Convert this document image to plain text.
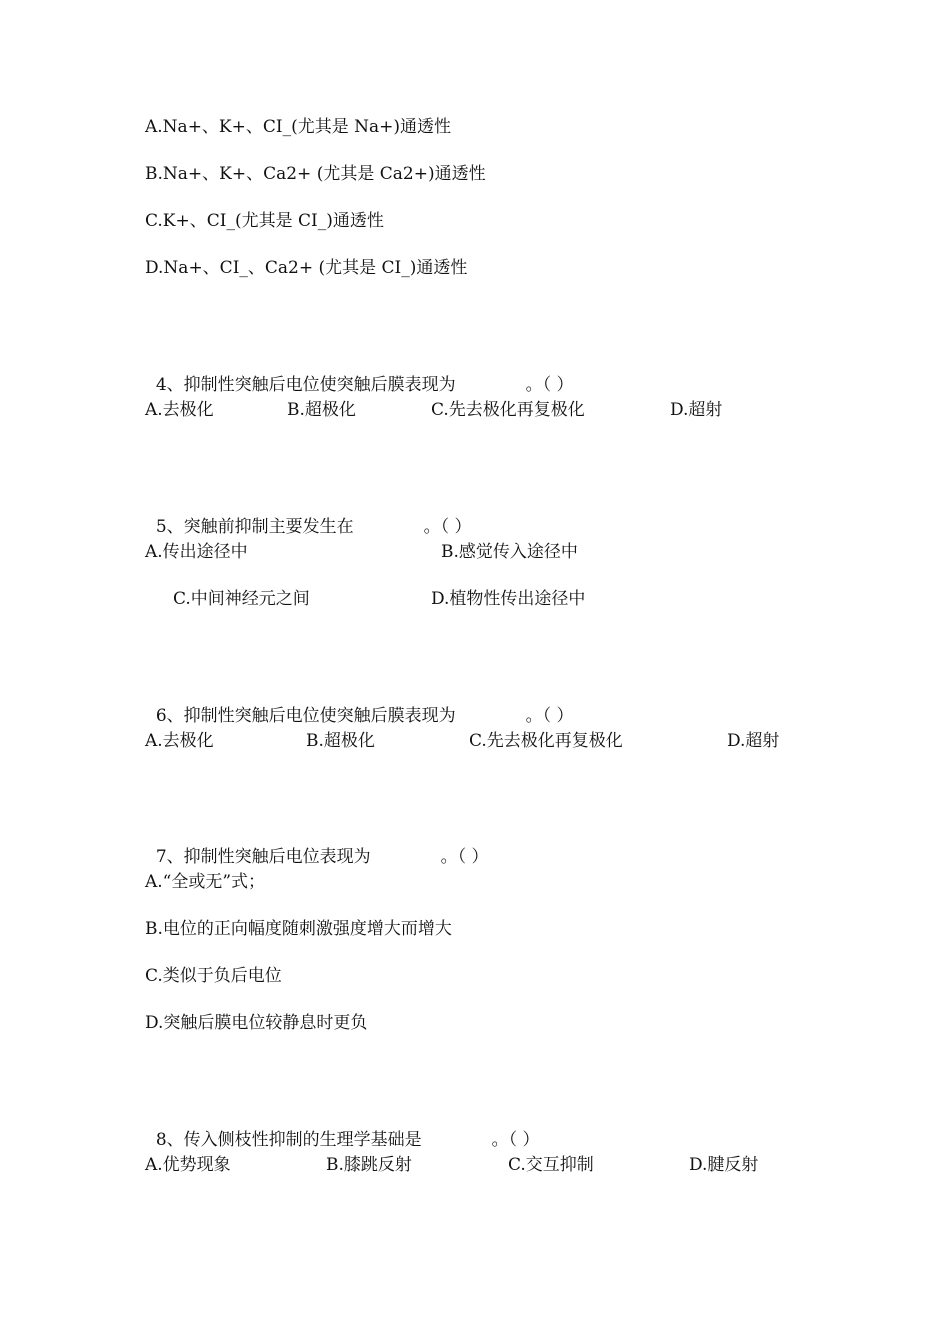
A.Na+、K+、CI_(尤其是 Na+)通透性

B.Na+、K+、Ca2+ (尤其是 Ca2+)通透性

C.K+、CI_(尤其是 CI_)通透性

D.Na+、CI_、Ca2+ (尤其是 CI_)通透性

4、抑制性突触后电位使突触后膜表现为	。（ ）

A.去极化	B.超极化	C.先去极化再复极化	D.超射

5、突触前抑制主要发生在	。（ ）

A.传出途径中	B.感觉传入途径中

C.中间神经元之间	D.植物性传出途径中

6、抑制性突触后电位使突触后膜表现为	。（ ）

A.去极化	B.超极化	C.先去极化再复极化	D.超射

7、抑制性突触后电位表现为	。（ ）

A.“全或无”式；

B.电位的正向幅度随刺激强度增大而增大

C.类似于负后电位

D.突触后膜电位较静息时更负

8、传入侧枝性抑制的生理学基础是	。（ ）

A.优势现象	B.膝跳反射	C.交互抑制	D.腱反射
